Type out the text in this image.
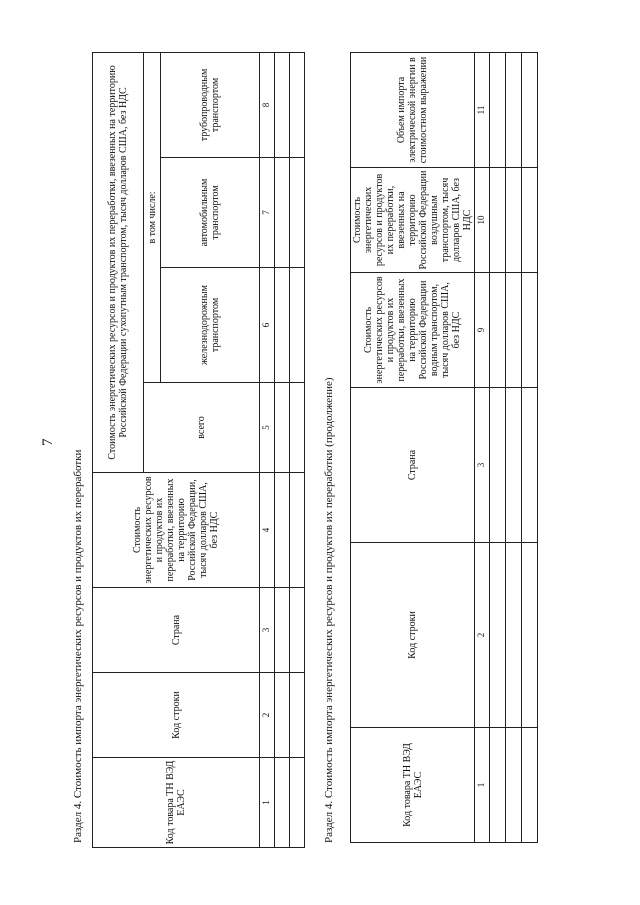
7
Раздел 4. Стоимость импорта энергетических ресурсов и продуктов их переработки	Код товара ТН ВЭД ЕАЭС	Код строки	Страна	Стоимость энергетических ресурсов и продуктов их переработки, ввезенных на территорию Российской Федерации, тысяч долларов США, без НДС	Стоимость энергетических ресурсов и продуктов их переработки, ввезенных на территорию Российской Федерации сухопутным транспортом, тысяч долларов США, без НДС			
				всего	в том числе:		
					железнодорожным транспортом	автомобильным транспортом	трубопроводным транспортом
1	2	3	4	5	6	7	8

Раздел 4. Стоимость импорта энергетических ресурсов и продуктов их переработки (продолжение)	Код товара ТН ВЭД ЕАЭС	Код строки	Страна	Стоимость энергетических ресурсов и продуктов их переработки, ввезенных на территорию Российской Федерации водным транспортом, тысяч долларов США, без НДС	Стоимость энергетических ресурсов и продуктов их переработки, ввезенных на территорию Российской Федерации воздушным транспортом, тысяч долларов США, без НДС	Объем импорта электрической энергии в стоимостном выражении
1	2	3	9	10	11
